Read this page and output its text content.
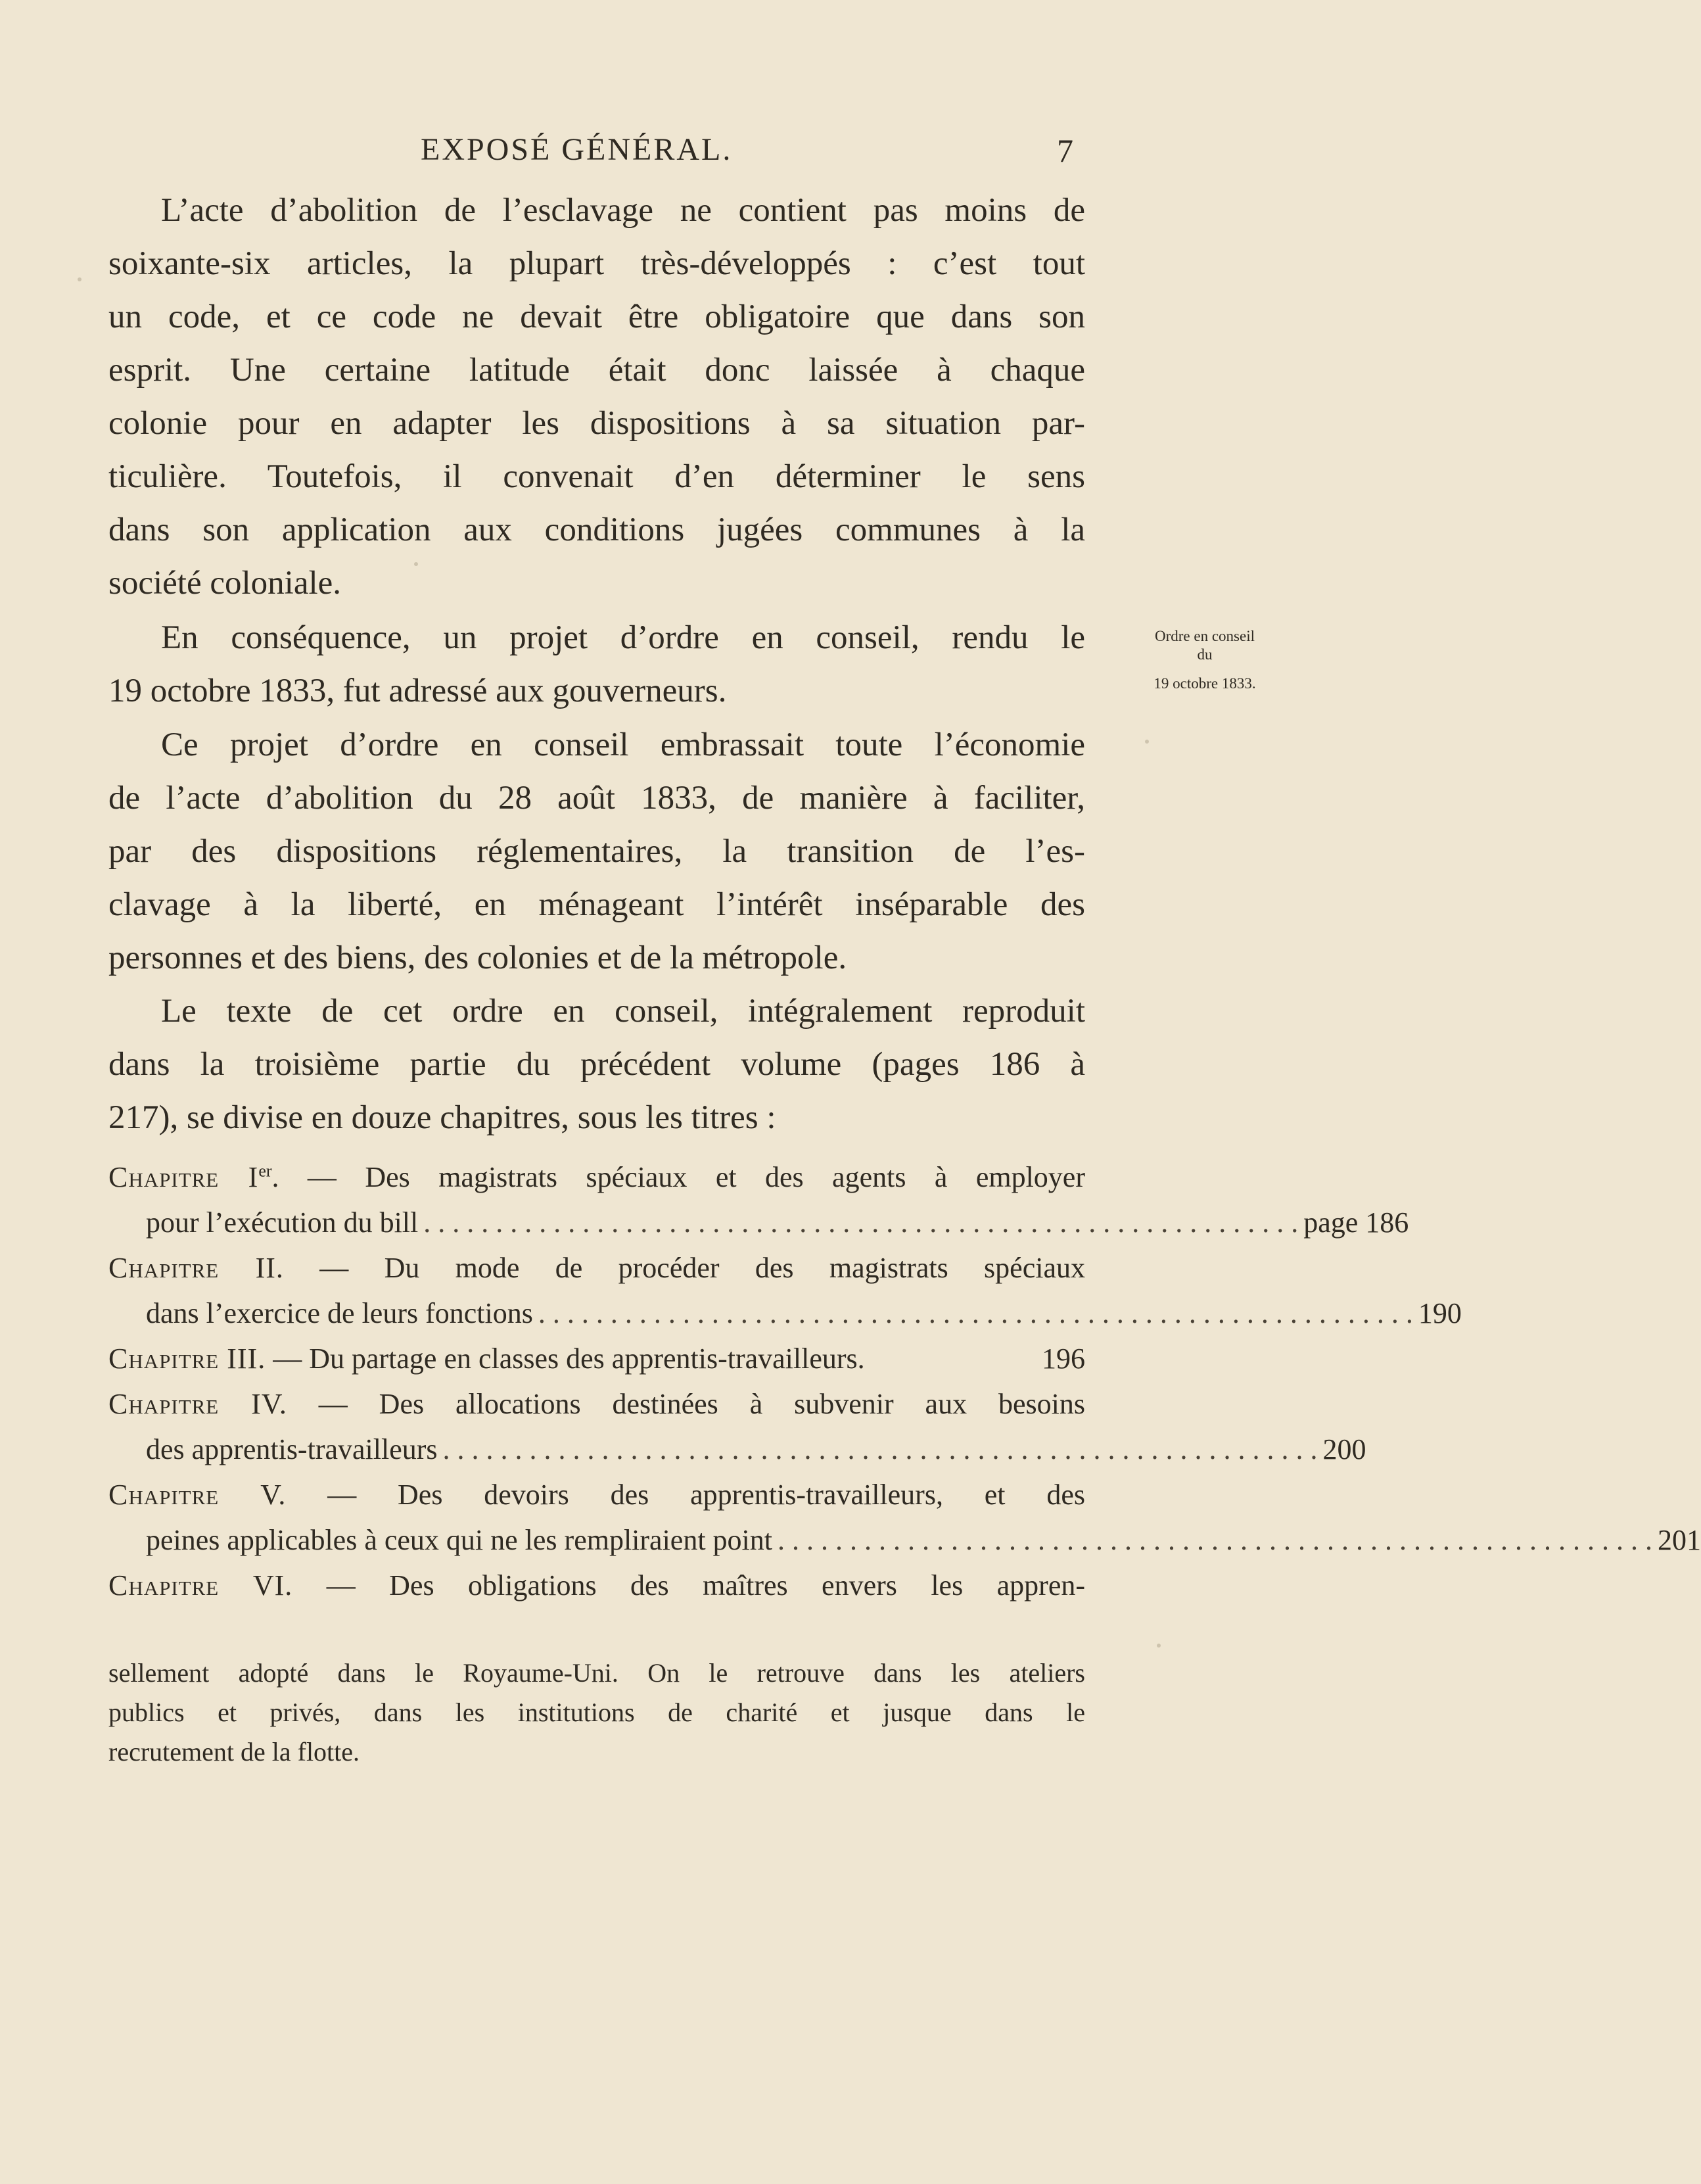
EXPOSÉ GÉNÉRAL.	7
L’acte d’abolition de l’esclavage ne contient pas moins de
soixante-six articles, la plupart très-développés : c’est tout
un code, et ce code ne devait être obligatoire que dans son
esprit. Une certaine latitude était donc laissée à chaque
colonie pour en adapter les dispositions à sa situation par-
ticulière. Toutefois, il convenait d’en déterminer le sens
dans son application aux conditions jugées communes à la
société coloniale.
En conséquence, un projet d’ordre en conseil, rendu le
19 octobre 1833, fut adressé aux gouverneurs.
Ce projet d’ordre en conseil embrassait toute l’économie
de l’acte d’abolition du 28 août 1833, de manière à faciliter,
par des dispositions réglementaires, la transition de l’es-
clavage à la liberté, en ménageant l’intérêt inséparable des
personnes et des biens, des colonies et de la métropole.
Le texte de cet ordre en conseil, intégralement reproduit
dans la troisième partie du précédent volume (pages 186 à
217), se divise en douze chapitres, sous les titres :
Ordre en conseil
du
19 octobre 1833.
Chapitre Ier. — Des magistrats spéciaux et des agents à employer
pour l’exécution du bill . . . . . . . . . . . . . . . . . . . . . . . . . . . . . . . . . . . . . . . . . . . . . . . . . . . . . . . . . . . . . page 186
Chapitre II. — Du mode de procéder des magistrats spéciaux
dans l’exercice de leurs fonctions . . . . . . . . . . . . . . . . . . . . . . . . . . . . . . . . . . . . . . . . . . . . . . . . . . . . . . . . . . . . . 190
Chapitre III. — Du partage en classes des apprentis-travailleurs.	196
Chapitre IV. — Des allocations destinées à subvenir aux besoins
des apprentis-travailleurs . . . . . . . . . . . . . . . . . . . . . . . . . . . . . . . . . . . . . . . . . . . . . . . . . . . . . . . . . . . . . 200
Chapitre V. — Des devoirs des apprentis-travailleurs, et des
peines applicables à ceux qui ne les rempliraient point . . . . . . . . . . . . . . . . . . . . . . . . . . . . . . . . . . . . . . . . . . . . . . . . . . . . . . . . . . . . . 201
Chapitre VI. — Des obligations des maîtres envers les appren-
sellement adopté dans le Royaume-Uni. On le retrouve dans les ateliers
publics et privés, dans les institutions de charité et jusque dans le
recrutement de la flotte.
